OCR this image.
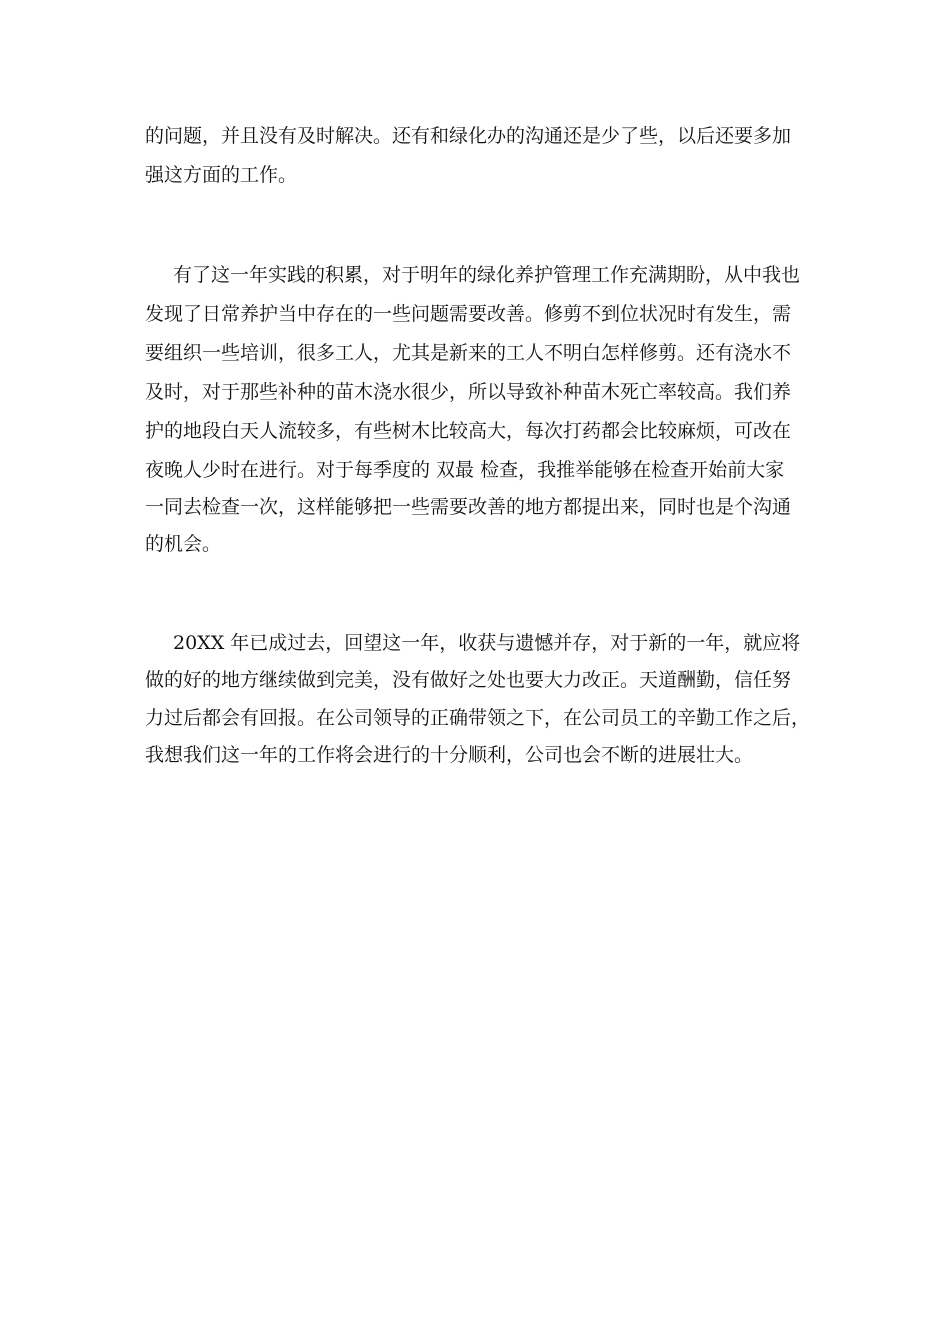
的问题，并且没有及时解决。还有和绿化办的沟通还是少了些，以后还要多加
强这方面的工作。
有了这一年实践的积累，对于明年的绿化养护管理工作充满期盼，从中我也
发现了日常养护当中存在的一些问题需要改善。修剪不到位状况时有发生，需
要组织一些培训，很多工人，尤其是新来的工人不明白怎样修剪。还有浇水不
及时，对于那些补种的苗木浇水很少，所以导致补种苗木死亡率较高。我们养
护的地段白天人流较多，有些树木比较高大，每次打药都会比较麻烦，可改在
夜晚人少时在进行。对于每季度的 双最 检查，我推举能够在检查开始前大家
一同去检查一次，这样能够把一些需要改善的地方都提出来，同时也是个沟通
的机会。
20XX 年已成过去，回望这一年，收获与遗憾并存，对于新的一年，就应将
做的好的地方继续做到完美，没有做好之处也要大力改正。天道酬勤，信任努
力过后都会有回报。在公司领导的正确带领之下，在公司员工的辛勤工作之后，
我想我们这一年的工作将会进行的十分顺利，公司也会不断的进展壮大。
